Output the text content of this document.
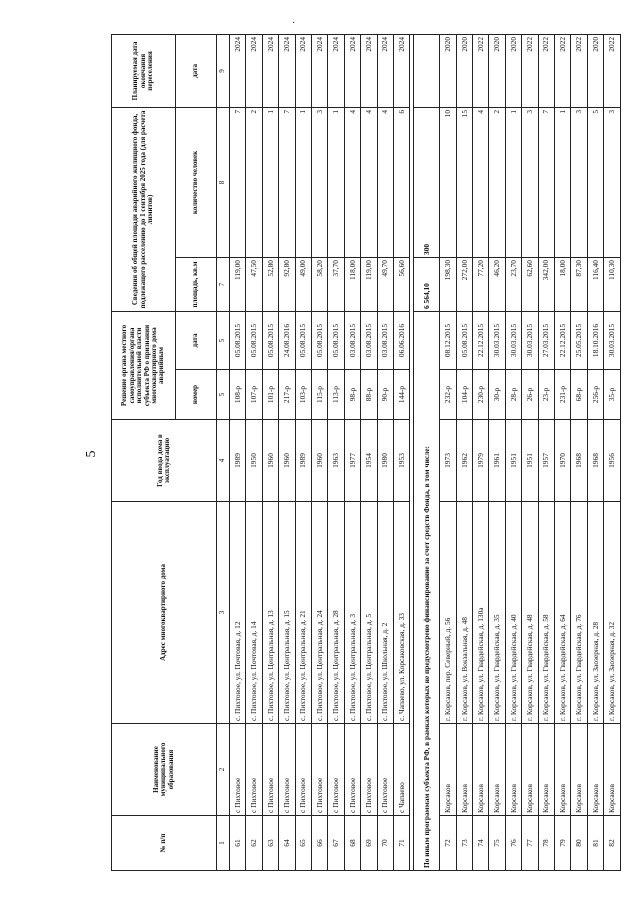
5
·
№ п/п	Наименование муниципального образования	Адрес многоквартирного дома	Год ввода дома в эксплуатацию	Решение органа местного самоуправления/органа исполнительной власти субъекта РФ о признании многоквартирного дома аварийным		Сведения об общей площади аварийного жилищного фонда, подлежащего расселению до 1 сентября 2025 года (для расчета лимитов)		Планируемая дата окончания переселения
				номер	дата	площадь, кв.м	количество человек	дата
1	2	3	4	5	5	7	8	9
61	с Пихтовое	с. Пихтовое, ул. Почтовая, д. 12	1989	108-р	05.08.2015	119,00	7	2024
62	с Пихтовое	с. Пихтовое, ул. Почтовая, д. 14	1950	107-р	05.08.2015	47,50	2	2024
63	с Пихтовое	с. Пихтовое, ул. Центральная, д. 13	1960	101-р	05.08.2015	52,80	1	2024
64	с Пихтовое	с. Пихтовое, ул. Центральная, д. 15	1960	217-р	24.08.2016	92,80	7	2024
65	с Пихтовое	с. Пихтовое, ул. Центральная, д. 21	1989	103-р	05.08.2015	49,00	1	2024
66	с Пихтовое	с. Пихтовое, ул. Центральная, д. 24	1960	115-р	05.08.2015	58,20	3	2024
67	с Пихтовое	с. Пихтовое, ул. Центральная, д. 28	1963	113-р	05.08.2015	37,70	1	2024
68	с Пихтовое	с. Пихтовое, ул. Центральная, д. 3	1977	98-р	03.08.2015	118,00	4	2024
69	с Пихтовое	с. Пихтовое, ул. Центральная, д. 5	1954	88-р	03.08.2015	119,00	4	2024
70	с Пихтовое	с. Пихтовое, ул. Школьная, д. 2	1980	90-р	03.08.2015	49,70	4	2024
71	с Чапаево	с. Чапаево, ул. Корсаковская, д. 33	1953	144-р	06.06.2016	56,60	6	2024

По иным программам субъекта РФ, в рамках которых не предусмотрено финансирование за счет средств Фонда, в том числе:						6 564,10	300	
72	Корсаков	г. Корсаков, пер. Северный, д. 56	1973	232-р	08.12.2015	198,30	10	2020
73	Корсаков	г. Корсаков, ул. Вокзальная, д. 48	1962	104-р	05.08.2015	272,00	15	2020
74	Корсаков	г. Корсаков, ул. Гвардейская, д. 130а	1979	230-р	22.12.2015	77,20	4	2022
75	Корсаков	г. Корсаков, ул. Гвардейская, д. 35	1961	30-р	30.03.2015	46,20	2	2020
76	Корсаков	г. Корсаков, ул. Гвардейская, д. 40	1951	28-р	30.03.2015	23,70	1	2020
77	Корсаков	г. Корсаков, ул. Гвардейская, д. 48	1951	26-р	30.03.2015	62,60	3	2022
78	Корсаков	г. Корсаков, ул. Гвардейская, д. 58	1957	23-р	27.03.2015	342,00	7	2022
79	Корсаков	г. Корсаков, ул. Гвардейская, д. 64	1970	231-р	22.12.2015	18,00	1	2022
80	Корсаков	г. Корсаков, ул. Гвардейская, д. 76	1968	68-р	25.05.2015	87,30	3	2022
81	Корсаков	г. Корсаков, ул. Заозерная, д. 28	1968	256-р	18.10.2016	116,40	5	2020
82	Корсаков	г. Корсаков, ул. Заозерная, д. 32	1956	35-р	30.03.2015	110,30	3	2022
